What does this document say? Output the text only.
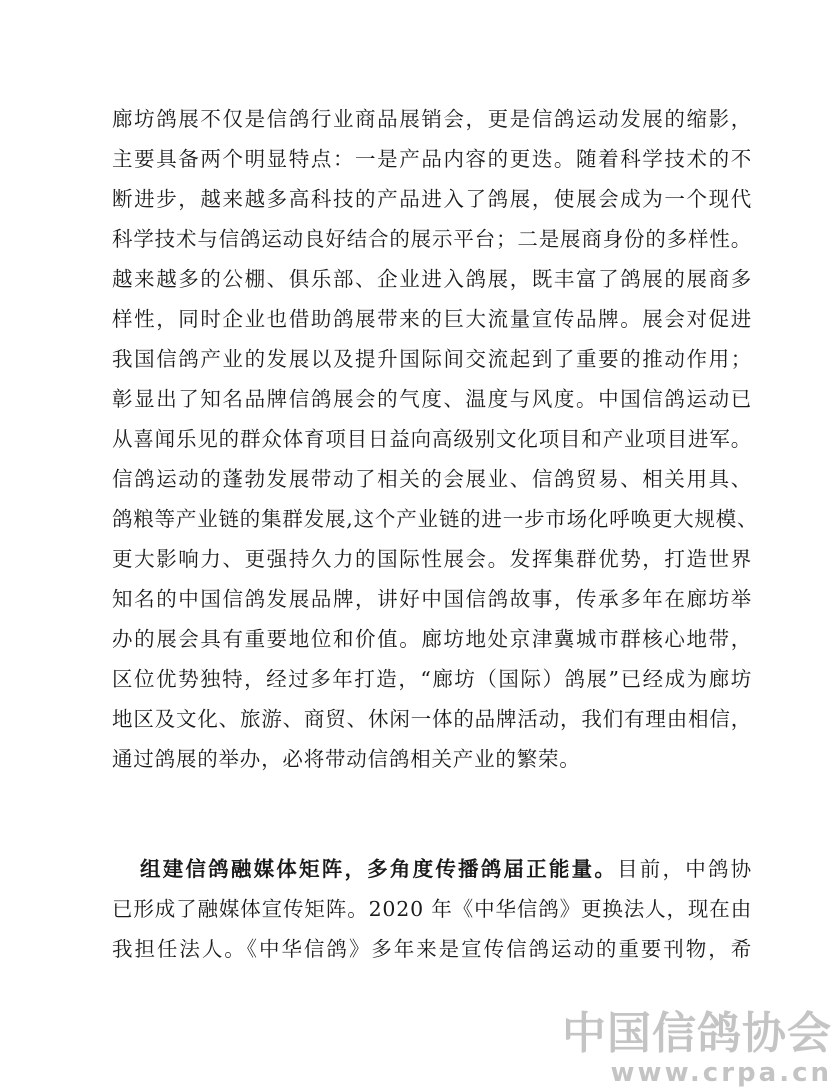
廊坊鸽展不仅是信鸽行业商品展销会，更是信鸽运动发展的缩影，
主要具备两个明显特点：一是产品内容的更迭。随着科学技术的不
断进步，越来越多高科技的产品进入了鸽展，使展会成为一个现代
科学技术与信鸽运动良好结合的展示平台；二是展商身份的多样性。
越来越多的公棚、俱乐部、企业进入鸽展，既丰富了鸽展的展商多
样性，同时企业也借助鸽展带来的巨大流量宣传品牌。展会对促进
我国信鸽产业的发展以及提升国际间交流起到了重要的推动作用；
彰显出了知名品牌信鸽展会的气度、温度与风度。中国信鸽运动已
从喜闻乐见的群众体育项目日益向高级别文化项目和产业项目进军。
信鸽运动的蓬勃发展带动了相关的会展业、信鸽贸易、相关用具、
鸽粮等产业链的集群发展,这个产业链的进一步市场化呼唤更大规模、
更大影响力、更强持久力的国际性展会。发挥集群优势，打造世界
知名的中国信鸽发展品牌，讲好中国信鸽故事，传承多年在廊坊举
办的展会具有重要地位和价值。廊坊地处京津冀城市群核心地带，
区位优势独特，经过多年打造，“廊坊（国际）鸽展”已经成为廊坊
地区及文化、旅游、商贸、休闲一体的品牌活动，我们有理由相信，
通过鸽展的举办，必将带动信鸽相关产业的繁荣。
组建信鸽融媒体矩阵，多角度传播鸽届正能量。目前，中鸽协
已形成了融媒体宣传矩阵。2020 年《中华信鸽》更换法人，现在由
我担任法人。《中华信鸽》多年来是宣传信鸽运动的重要刊物，希
中国信鸽协会
www.crpa.cn
